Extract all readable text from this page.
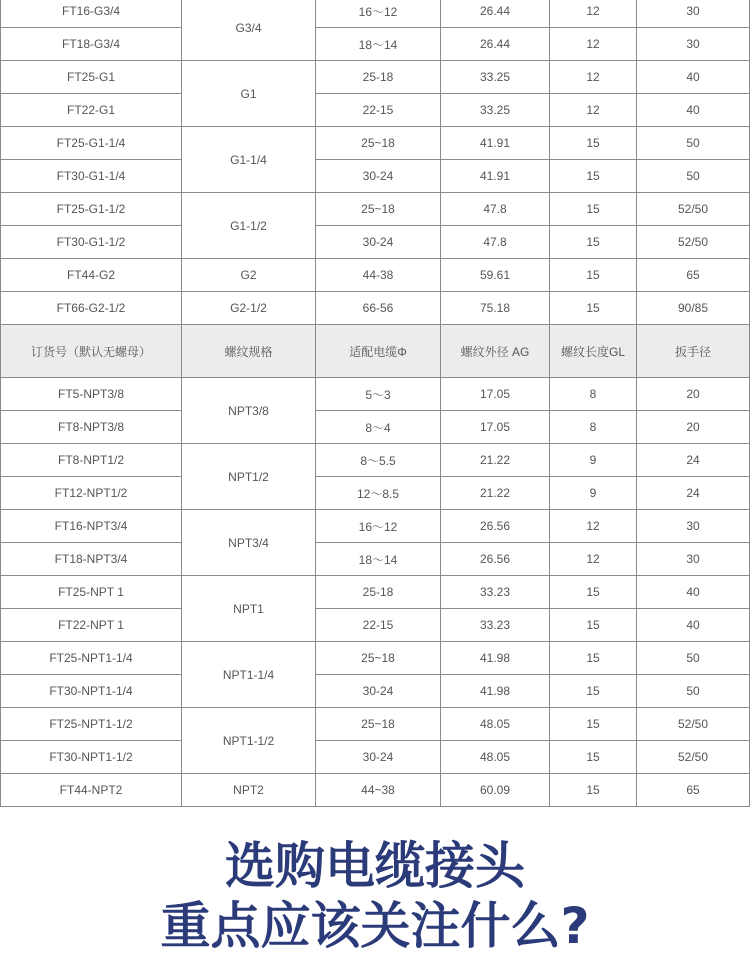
FT16-G3/4	G3/4	16～12	26.44	12	30
FT18-G3/4		18～14	26.44	12	30
FT25-G1	G1	25-18	33.25	12	40
FT22-G1		22-15	33.25	12	40
FT25-G1-1/4	G1-1/4	25~18	41.91	15	50
FT30-G1-1/4		30-24	41.91	15	50
FT25-G1-1/2	G1-1/2	25~18	47.8	15	52/50
FT30-G1-1/2		30-24	47.8	15	52/50
FT44-G2	G2	44-38	59.61	15	65
FT66-G2-1/2	G2-1/2	66-56	75.18	15	90/85
订货号（默认无螺母）	螺纹规格	适配电缆Φ	螺纹外径 AG	螺纹长度GL	扳手径
FT5-NPT3/8	NPT3/8	5～3	17.05	8	20
FT8-NPT3/8		8～4	17.05	8	20
FT8-NPT1/2	NPT1/2	8～5.5	21.22	9	24
FT12-NPT1/2		12～8.5	21.22	9	24
FT16-NPT3/4	NPT3/4	16～12	26.56	12	30
FT18-NPT3/4		18～14	26.56	12	30
FT25-NPT 1	NPT1	25-18	33.23	15	40
FT22-NPT 1		22-15	33.23	15	40
FT25-NPT1-1/4	NPT1-1/4	25~18	41.98	15	50
FT30-NPT1-1/4		30-24	41.98	15	50
FT25-NPT1-1/2	NPT1-1/2	25~18	48.05	15	52/50
FT30-NPT1-1/2		30-24	48.05	15	52/50
FT44-NPT2	NPT2	44~38	60.09	15	65
选购电缆接头
重点应该关注什么?
